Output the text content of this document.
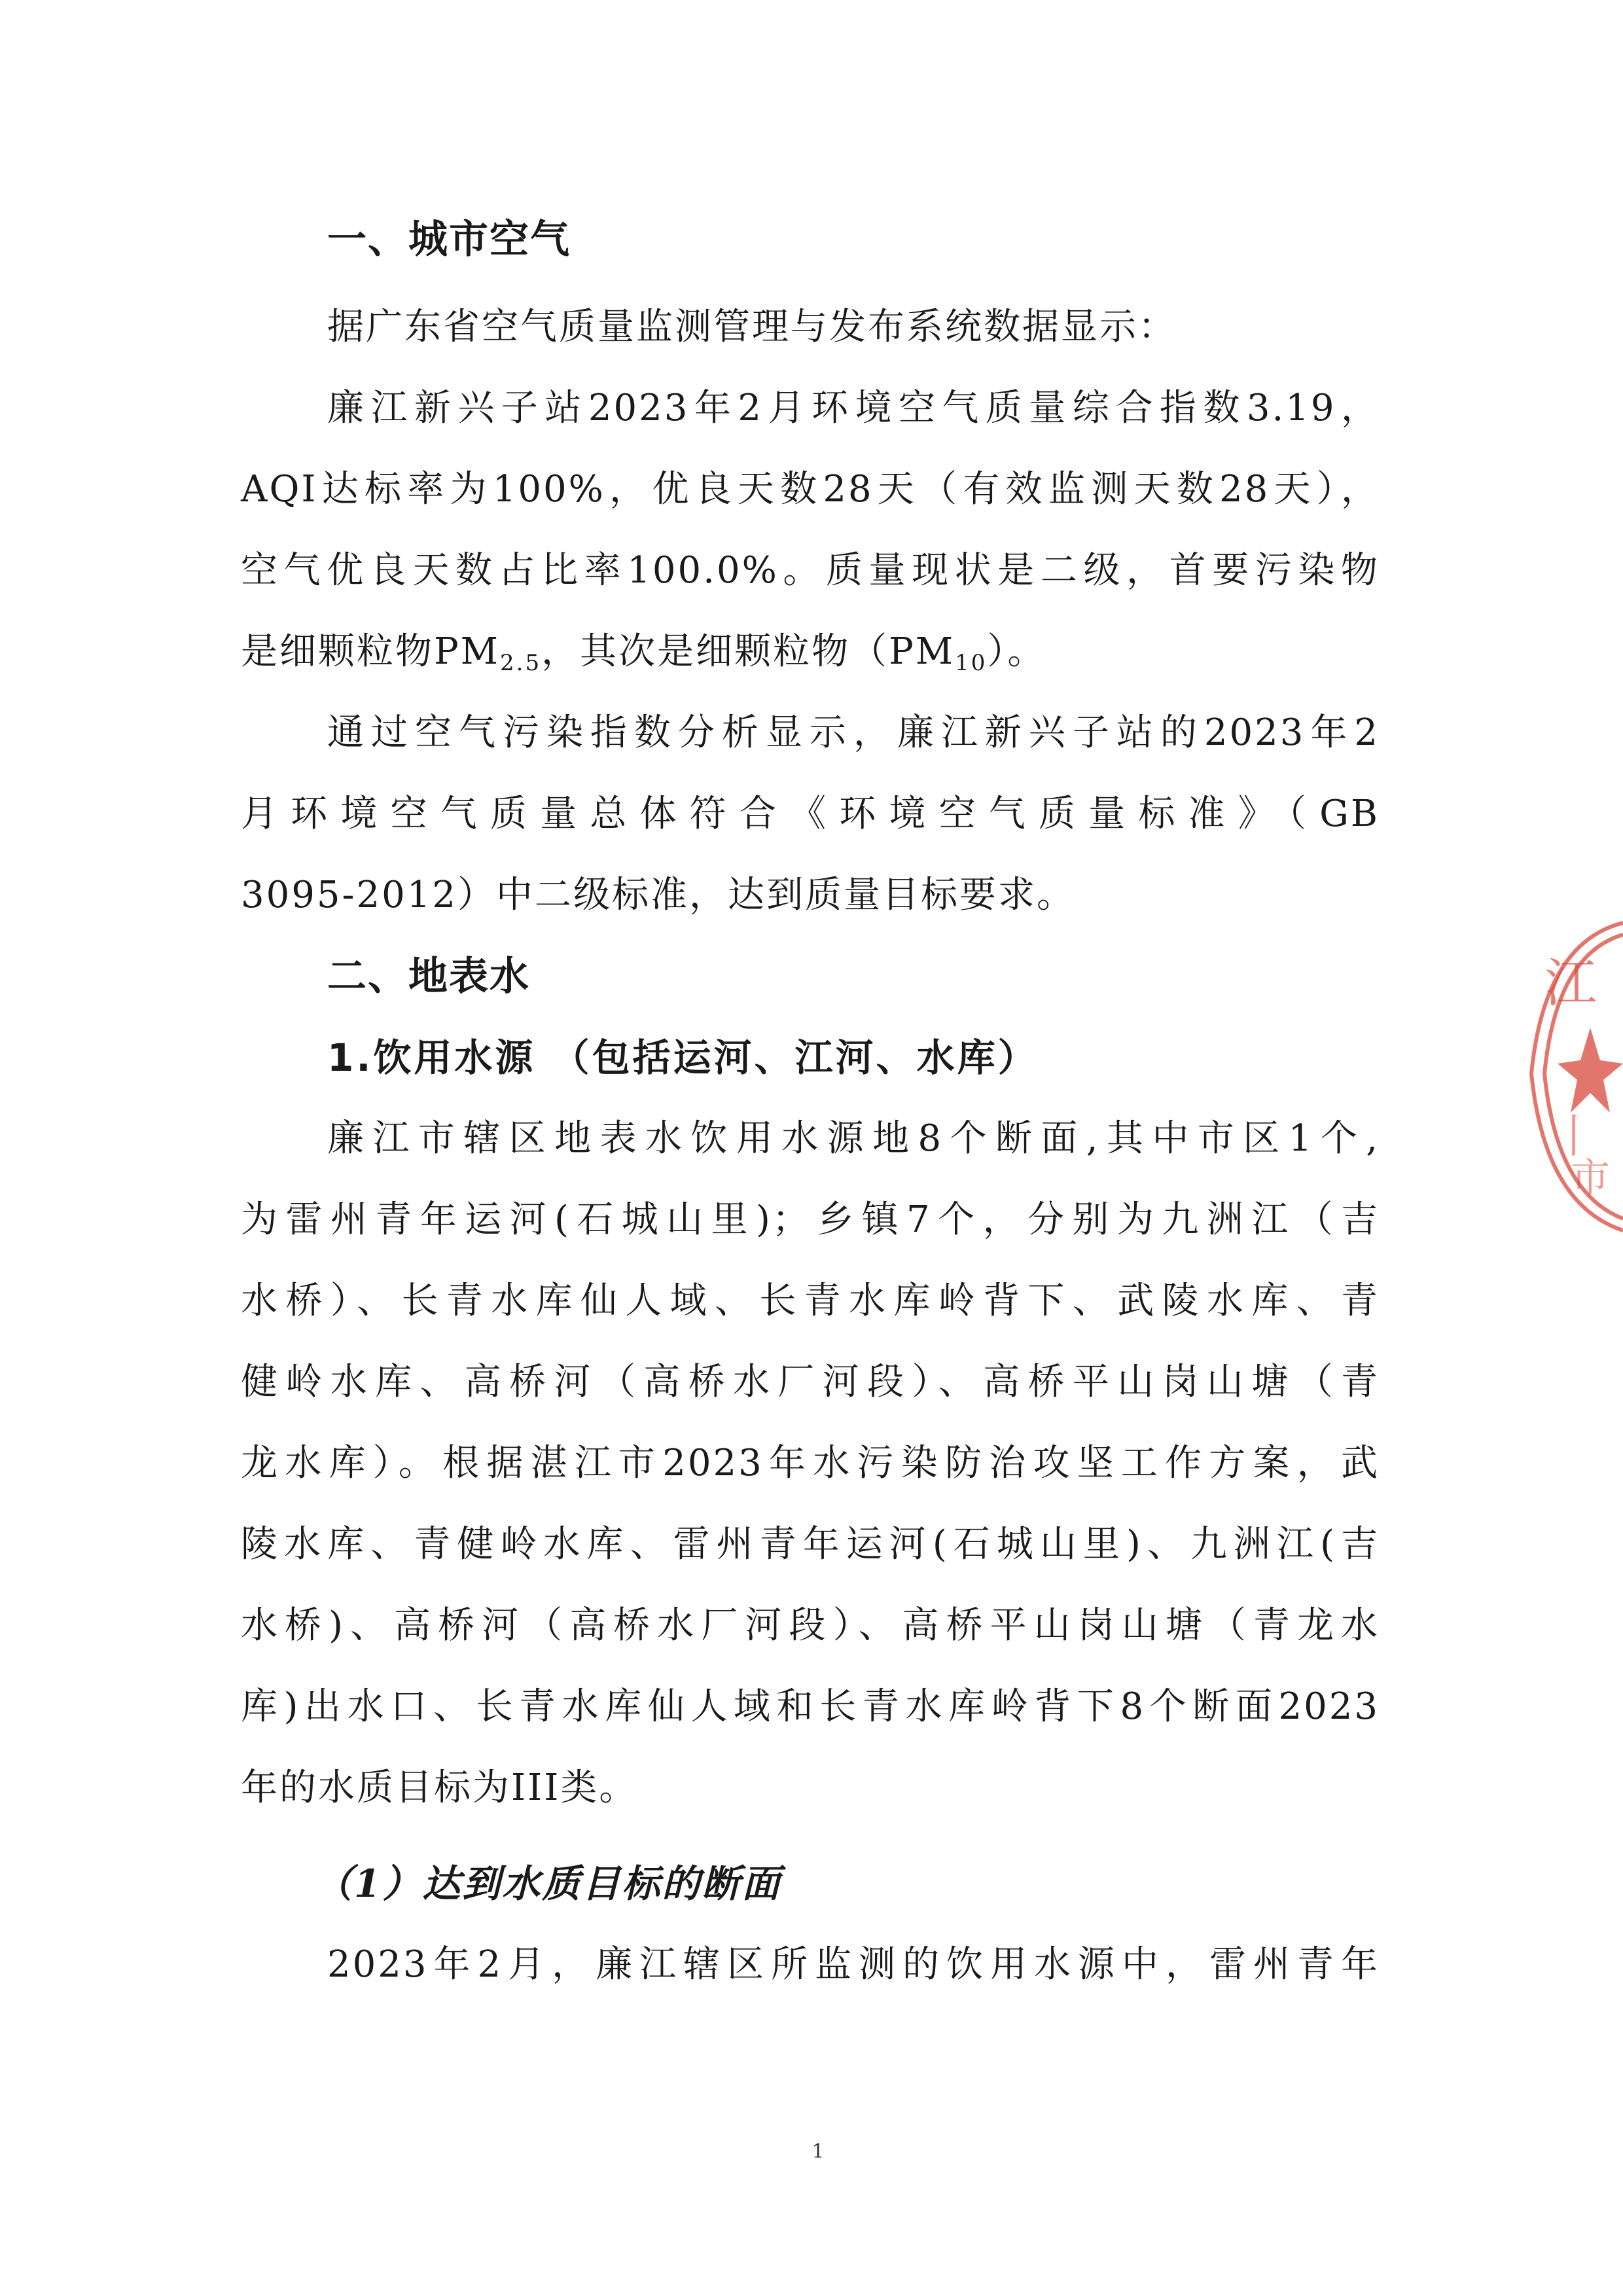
一、城市空气
据广东省空气质量监测管理与发布系统数据显示：
廉江新兴子站2023年2月环境空气质量综合指数3.19，
AQI达标率为100%，优良天数28天（有效监测天数28天），
空气优良天数占比率100.0%。质量现状是二级，首要污染物
是细颗粒物$PM_{2.5}$，其次是细颗粒物$(PM_{10})$。
通过空气污染指数分析显示，廉江新兴子站的2023年2
月环境空气质量总体符合《环境空气质量标准》（GB
3095-2012）中二级标准，达到质量目标要求。
二、地表水
1.饮用水源 （包括运河、江河、水库）
廉江市辖区地表水饮用水源地8个断面,其中市区1个,
为雷州青年运河(石城山里)；乡镇7个，分别为九洲江（吉
水桥）、长青水库仙人域、长青水库岭背下、武陵水库、青
健岭水库、高桥河（高桥水厂河段）、高桥平山岗山塘（青
龙水库）。根据湛江市2023年水污染防治攻坚工作方案，武
陵水库、青健岭水库、雷州青年运河(石城山里)、九洲江(吉
水桥)、高桥河（高桥水厂河段）、高桥平山岗山塘（青龙水
库)出水口、长青水库仙人域和长青水库岭背下8个断面2023
年的水质目标为III类。
（1）达到水质目标的断面
2023年2月，廉江辖区所监测的饮用水源中，雷州青年
1
江
丨
市
